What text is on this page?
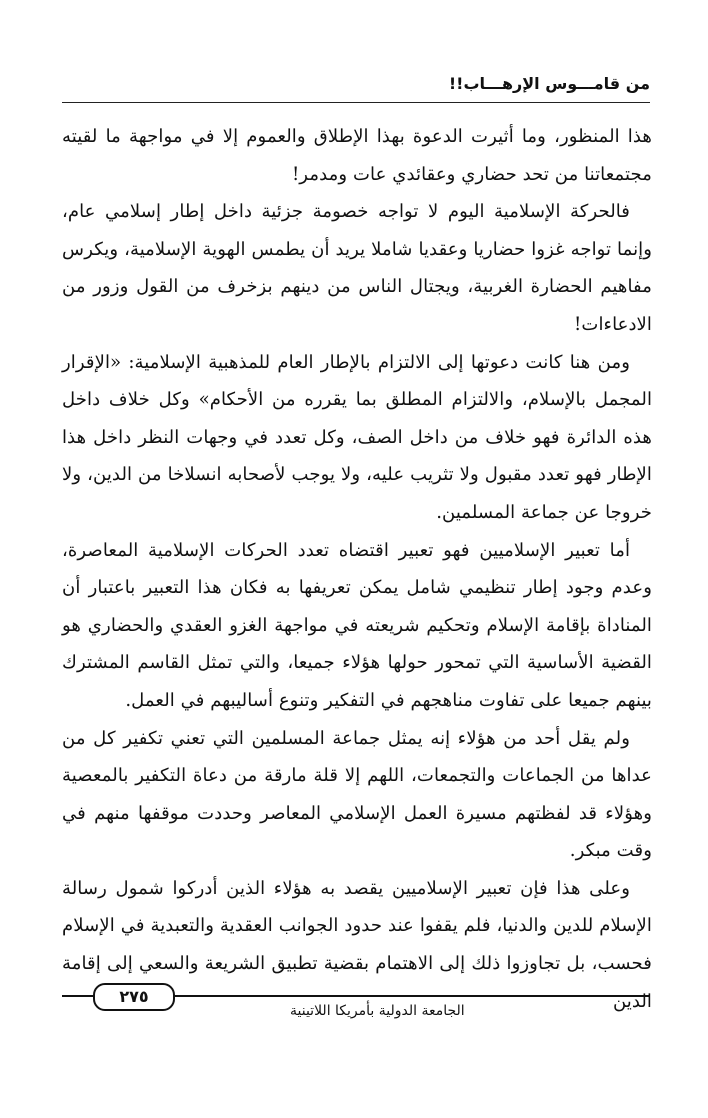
من قامـــوس الإرهـــاب!!

هذا المنظور، وما أثيرت الدعوة بهذا الإطلاق والعموم إلا في مواجهة ما لقيته مجتمعاتنا من تحد حضاري وعقائدي عات ومدمر!

فالحركة الإسلامية اليوم لا تواجه خصومة جزئية داخل إطار إسلامي عام، وإنما تواجه غزوا حضاريا وعقديا شاملا يريد أن يطمس الهوية الإسلامية، ويكرس مفاهيم الحضارة الغربية، ويجتال الناس من دينهم بزخرف من القول وزور من الادعاءات!

ومن هنا كانت دعوتها إلى الالتزام بالإطار العام للمذهبية الإسلامية: «الإقرار المجمل بالإسلام، والالتزام المطلق بما يقرره من الأحكام» وكل خلاف داخل هذه الدائرة فهو خلاف من داخل الصف، وكل تعدد في وجهات النظر داخل هذا الإطار فهو تعدد مقبول ولا تثريب عليه، ولا يوجب لأصحابه انسلاخا من الدين، ولا خروجا عن جماعة المسلمين.

أما تعبير الإسلاميين فهو تعبير اقتضاه تعدد الحركات الإسلامية المعاصرة، وعدم وجود إطار تنظيمي شامل يمكن تعريفها به فكان هذا التعبير باعتبار أن المناداة بإقامة الإسلام وتحكيم شريعته في مواجهة الغزو العقدي والحضاري هو القضية الأساسية التي تمحور حولها هؤلاء جميعا، والتي تمثل القاسم المشترك بينهم جميعا على تفاوت مناهجهم في التفكير وتنوع أساليبهم في العمل.

ولم يقل أحد من هؤلاء إنه يمثل جماعة المسلمين التي تعني تكفير كل من عداها من الجماعات والتجمعات، اللهم إلا قلة مارقة من دعاة التكفير بالمعصية وهؤلاء قد لفظتهم مسيرة العمل الإسلامي المعاصر وحددت موقفها منهم في وقت مبكر.

وعلى هذا فإن تعبير الإسلاميين يقصد به هؤلاء الذين أدركوا شمول رسالة الإسلام للدين والدنيا، فلم يقفوا عند حدود الجوانب العقدية والتعبدية في الإسلام فحسب، بل تجاوزوا ذلك إلى الاهتمام بقضية تطبيق الشريعة والسعي إلى إقامة الدين

٢٧٥
الجامعة الدولية بأمريكا اللاتينية
